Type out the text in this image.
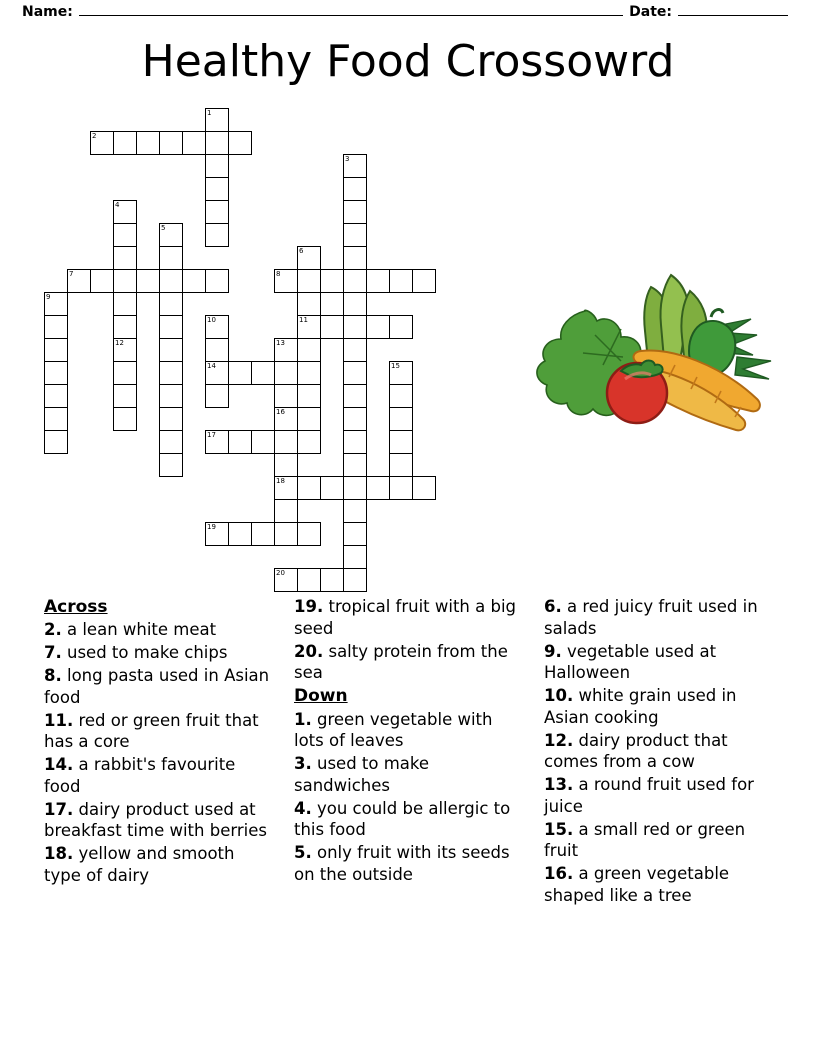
Name:	Date:
Healthy Food Crossowrd
1
2
3
4
5
6
7	8
9
10	11
12	13
14	15
16
17
18
19
20
Across
2. a lean white meat
7. used to make chips
8. long pasta used in Asian food
11. red or green fruit that has a core
14. a rabbit's favourite food
17. dairy product used at breakfast time with berries
18. yellow and smooth type of dairy
19. tropical fruit with a big seed
20. salty protein from the sea
Down
1. green vegetable with lots of leaves
3. used to make sandwiches
4. you could be allergic to this food
5. only fruit with its seeds on the outside
6. a red juicy fruit used in salads
9. vegetable used at Halloween
10. white grain used in Asian cooking
12. dairy product that comes from a cow
13. a round fruit used for juice
15. a small red or green fruit
16. a green vegetable shaped like a tree
